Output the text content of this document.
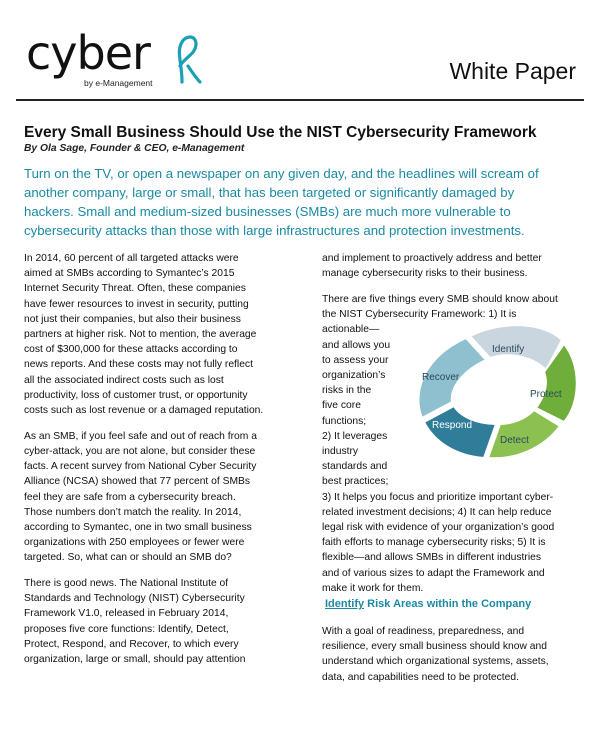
cyber
by e-Management	White Paper
Every Small Business Should Use the NIST Cybersecurity Framework
By Ola Sage, Founder & CEO, e-Management

Turn on the TV, or open a newspaper on any given day, and the headlines will scream of

another company, large or small, that has been targeted or significantly damaged by

hackers. Small and medium-sized businesses (SMBs) are much more vulnerable to

cybersecurity attacks than those with large infrastructures and protection investments.

In 2014, 60 percent of all targeted attacks were

aimed at SMBs according to Symantec’s 2015

Internet Security Threat. Often, these companies

have fewer resources to invest in security, putting

not just their companies, but also their business

partners at higher risk. Not to mention, the average

cost of $300,000 for these attacks according to

news reports. And these costs may not fully reflect

all the associated indirect costs such as lost

productivity, loss of customer trust, or opportunity

costs such as lost revenue or a damaged reputation.

As an SMB, if you feel safe and out of reach from a

cyber-attack, you are not alone, but consider these

facts. A recent survey from National Cyber Security

Alliance (NCSA) showed that 77 percent of SMBs

feel they are safe from a cybersecurity breach.

Those numbers don’t match the reality. In 2014,

according to Symantec, one in two small business

organizations with 250 employees or fewer were

targeted. So, what can or should an SMB do?

There is good news. The National Institute of

Standards and Technology (NIST) Cybersecurity

Framework V1.0, released in February 2014,

proposes five core functions: Identify, Detect,

Protect, Respond, and Recover, to which every

organization, large or small, should pay attention

and implement to proactively address and better

manage cybersecurity risks to their business.

There are five things every SMB should know about

the NIST Cybersecurity Framework: 1) It is

actionable—

and allows you

to assess your

organization’s

risks in the

five core

functions;

2) It leverages

industry

standards and

best practices;

3) It helps you focus and prioritize important cyber-

related investment decisions; 4) It can help reduce

legal risk with evidence of your organization’s good

faith efforts to manage cybersecurity risks; 5) It is

flexible—and allows SMBs in different industries

and of various sizes to adapt the Framework and

make it work for them.

Identify Risk Areas within the Company

With a goal of readiness, preparedness, and

resilience, every small business should know and

understand which organizational systems, assets,

data, and capabilities need to be protected.

Identify
Protect
Detect
Respond
Recover
